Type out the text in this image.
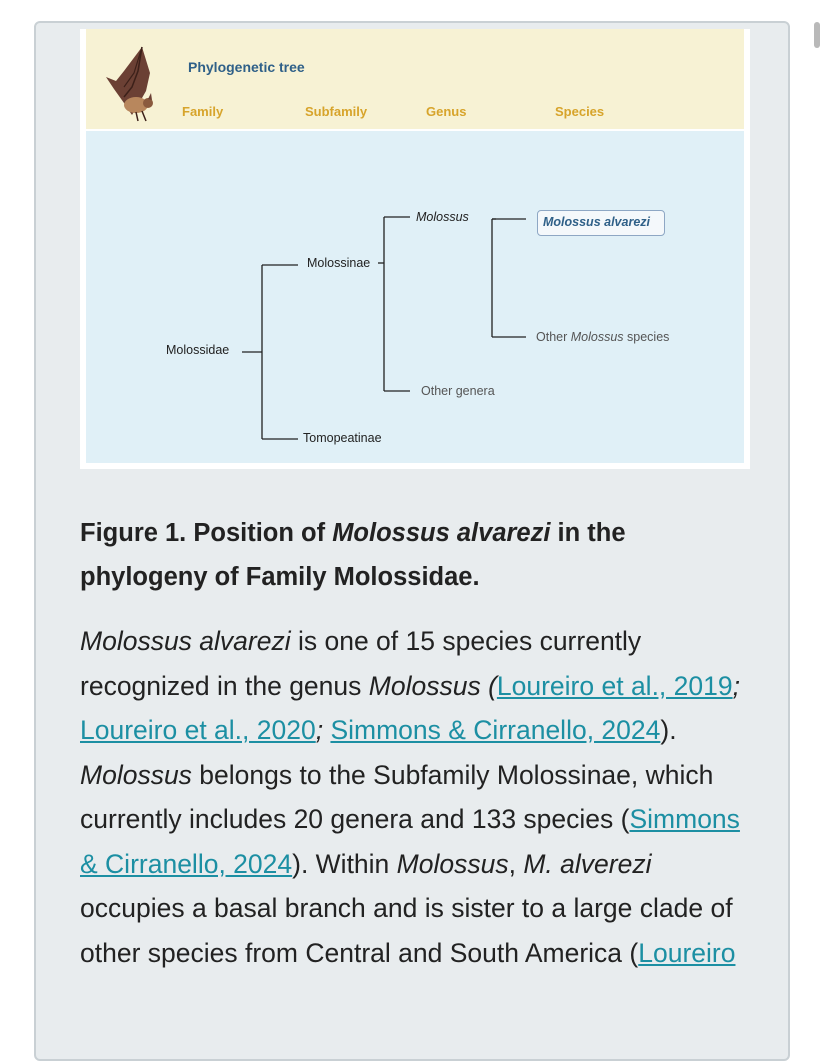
Phylogenetic tree
Family	Subfamily	Genus	Species
Molossidae
Molossinae
Tomopeatinae
Molossus
Other genera
Molossus alvarezi
Other Molossus species
Figure 1. Position of Molossus alvarezi in the phylogeny of Family Molossidae.
Molossus alvarezi is one of 15 species currently recognized in the genus Molossus (Loureiro et al., 2019; Loureiro et al., 2020; Simmons & Cirranello, 2024). Molossus belongs to the Subfamily Molossinae, which currently includes 20 genera and 133 species (Simmons & Cirranello, 2024). Within Molossus, M. alverezi occupies a basal branch and is sister to a large clade of other species from Central and South America (Loureiro
